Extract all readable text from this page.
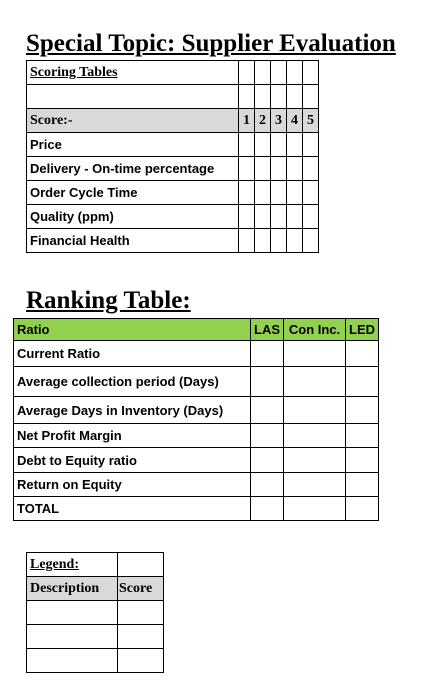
Special Topic: Supplier Evaluation
Scoring Tables					

Score:-	1	2	3	4	5
Price					
Delivery - On-time percentage					
Order Cycle Time					
Quality (ppm)					
Financial Health					
Ranking Table:
Ratio	LAS	Con Inc.	LED
Current Ratio			
Average collection period (Days)			
Average Days in Inventory (Days)			
Net Profit Margin			
Debt to Equity ratio			
Return on Equity			
TOTAL			
Legend:	
Description	Score
